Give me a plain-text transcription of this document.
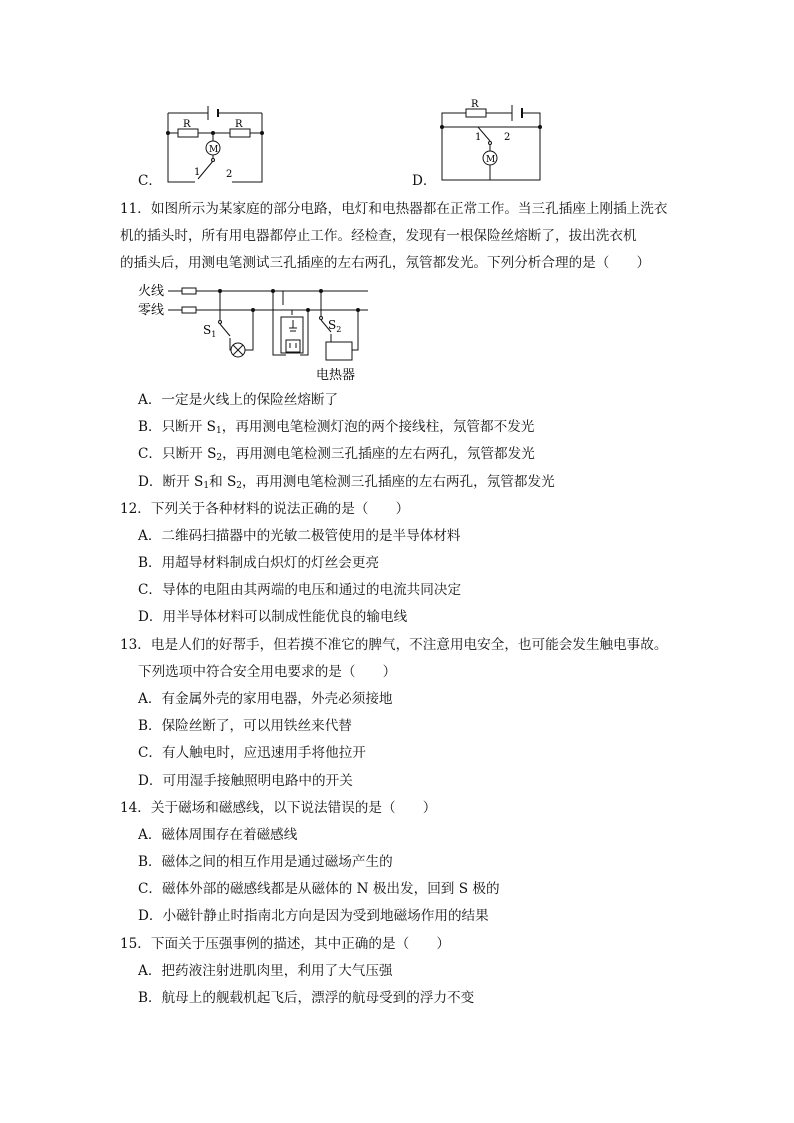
R	R
M
1	2
C．
R
M
1 2
D．
11．如图所示为某家庭的部分电路，电灯和电热器都在正常工作。当三孔插座上刚插上洗衣
机的插头时，所有用电器都停止工作。经检查，发现有一根保险丝熔断了，拔出洗衣机
的插头后，用测电笔测试三孔插座的左右两孔，氖管都发光。下列分析合理的是（　　）
火线
零线
$S_1$
$S_2$
电热器
A．一定是火线上的保险丝熔断了
B．只断开 $S_1$，再用测电笔检测灯泡的两个接线柱，氖管都不发光
C．只断开 $S_2$，再用测电笔检测三孔插座的左右两孔，氖管都发光
D．断开 $S_1$和 $S_2$，再用测电笔检测三孔插座的左右两孔，氖管都发光
12．下列关于各种材料的说法正确的是（　　）
A．二维码扫描器中的光敏二极管使用的是半导体材料
B．用超导材料制成白炽灯的灯丝会更亮
C．导体的电阻由其两端的电压和通过的电流共同决定
D．用半导体材料可以制成性能优良的输电线
13．电是人们的好帮手，但若摸不准它的脾气，不注意用电安全，也可能会发生触电事故。
下列选项中符合安全用电要求的是（　　）
A．有金属外壳的家用电器，外壳必须接地
B．保险丝断了，可以用铁丝来代替
C．有人触电时，应迅速用手将他拉开
D．可用湿手接触照明电路中的开关
14．关于磁场和磁感线，以下说法错误的是（　　）
A．磁体周围存在着磁感线
B．磁体之间的相互作用是通过磁场产生的
C．磁体外部的磁感线都是从磁体的 N 极出发，回到 S 极的
D．小磁针静止时指南北方向是因为受到地磁场作用的结果
15．下面关于压强事例的描述，其中正确的是（　　）
A．把药液注射进肌肉里，利用了大气压强
B．航母上的舰载机起飞后，漂浮的航母受到的浮力不变
